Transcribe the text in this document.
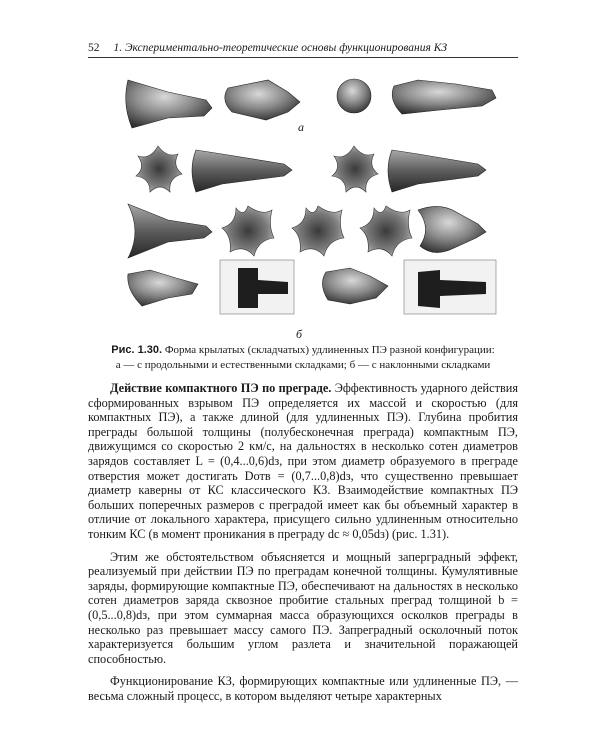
52 1. Экспериментально-теоретические основы функционирования КЗ
а
б
Рис. 1.30. Форма крылатых (складчатых) удлиненных ПЭ разной конфигурации:
а — с продольными и естественными складками; б — с наклонными складками

Действие компактного ПЭ по преграде. Эффективность ударного действия сформированных взрывом ПЭ определяется их массой и скоростью (для компактных ПЭ), а также длиной (для удлиненных ПЭ). Глубина пробития преграды большой толщины (полубесконечная преграда) компактным ПЭ, движущимся со скоростью 2 км/с, на дальностях в несколько сотен диаметров зарядов составляет L = (0,4...0,6)dз, при этом диаметр образуемого в преграде отверстия может достигать Dотв = (0,7...0,8)dз, что существенно превышает диаметр каверны от КС классического КЗ. Взаимодействие компактных ПЭ больших поперечных размеров с преградой имеет как бы объемный характер в отличие от локального характера, присущего сильно удлиненным относительно тонким КС (в момент проникания в преграду dс ≈ 0,05dз) (рис. 1.31).

Этим же обстоятельством объясняется и мощный заперградный эффект, реализуемый при действии ПЭ по преградам конечной толщины. Кумулятивные заряды, формирующие компактные ПЭ, обеспечивают на дальностях в несколько сотен диаметров заряда сквозное пробитие стальных преград толщиной b = (0,5...0,8)dз, при этом суммарная масса образующихся осколков преграды в несколько раз превышает массу самого ПЭ. Запреградный осколочный поток характеризуется большим углом разлета и значительной поражающей способностью.

Функционирование КЗ, формирующих компактные или удлиненные ПЭ, — весьма сложный процесс, в котором выделяют четыре характерных
